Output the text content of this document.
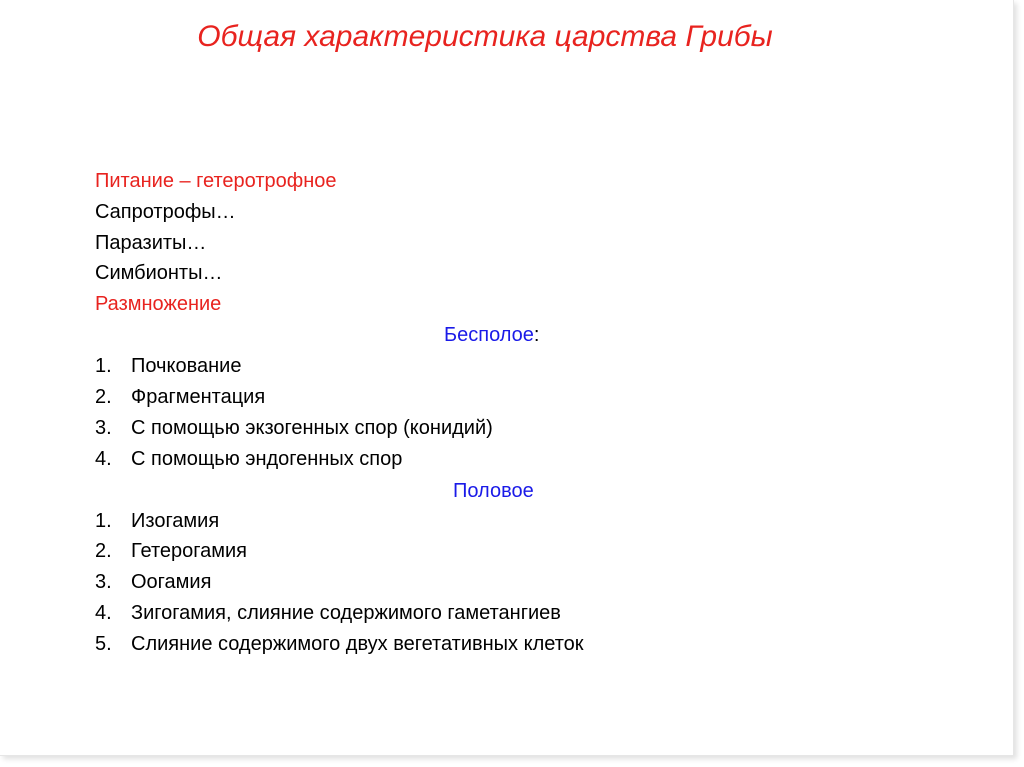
Общая характеристика царства Грибы
Питание – гетеротрофное
Сапротрофы…
Паразиты…
Симбионты…
Размножение
Бесполое:
1. Почкование
2. Фрагментация
3. С помощью экзогенных спор (конидий)
4. С помощью эндогенных спор
Половое
1. Изогамия
2. Гетерогамия
3. Оогамия
4. Зигогамия, слияние содержимого гаметангиев
5. Слияние содержимого двух вегетативных клеток
